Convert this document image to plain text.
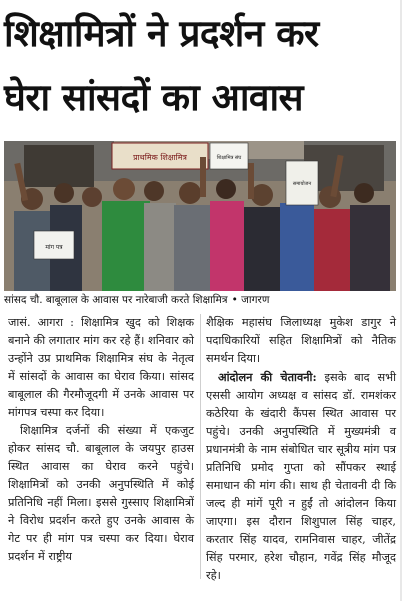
शिक्षामित्रों ने प्रदर्शन कर
घेरा सांसदों का आवास
प्राथमिक शिक्षामित्र
मांग पत्र
शिक्षामित्र संघ
समायोजन
सांसद चौ. बाबूलाल के आवास पर नारेबाजी करते शिक्षामित्र • जागरण

जासं. आगरा : शिक्षामित्र खुद को शिक्षक बनाने की लगातार मांग कर रहे हैं। शनिवार को उन्होंने उप्र प्राथमिक शिक्षामित्र संघ के नेतृत्व में सांसदों के आवास का घेराव किया। सांसद बाबूलाल की गैरमौजूदगी में उनके आवास पर मांगपत्र चस्पा कर दिया।

शिक्षामित्र दर्जनों की संख्या में एकजुट होकर सांसद चौ. बाबूलाल के जयपुर हाउस स्थित आवास का घेराव करने पहुंचे। शिक्षामित्रों को उनकी अनुपस्थिति में कोई प्रतिनिधि नहीं मिला। इससे गुस्साए शिक्षामित्रों ने विरोध प्रदर्शन करते हुए उनके आवास के गेट पर ही मांग पत्र चस्पा कर दिया। घेराव प्रदर्शन में राष्ट्रीय

शैक्षिक महासंघ जिलाध्यक्ष मुकेश डागुर ने पदाधिकारियों सहित शिक्षामित्रों को नैतिक समर्थन दिया।

आंदोलन की चेतावनी: इसके बाद सभी एससी आयोग अध्यक्ष व सांसद डॉ. रामशंकर कठेरिया के खंदारी कैंपस स्थित आवास पर पहुंचे। उनकी अनुपस्थिति में मुख्यमंत्री व प्रधानमंत्री के नाम संबोधित चार सूत्रीय मांग पत्र प्रतिनिधि प्रमोद गुप्ता को सौंपकर स्थाई समाधान की मांग की। साथ ही चेतावनी दी कि जल्द ही मांगें पूरी न हुईं तो आंदोलन किया जाएगा। इस दौरान शिशुपाल सिंह चाहर, करतार सिंह यादव, रामनिवास चाहर, जीतेंद्र सिंह परमार, हरेश चौहान, गवेंद्र सिंह मौजूद रहे।
